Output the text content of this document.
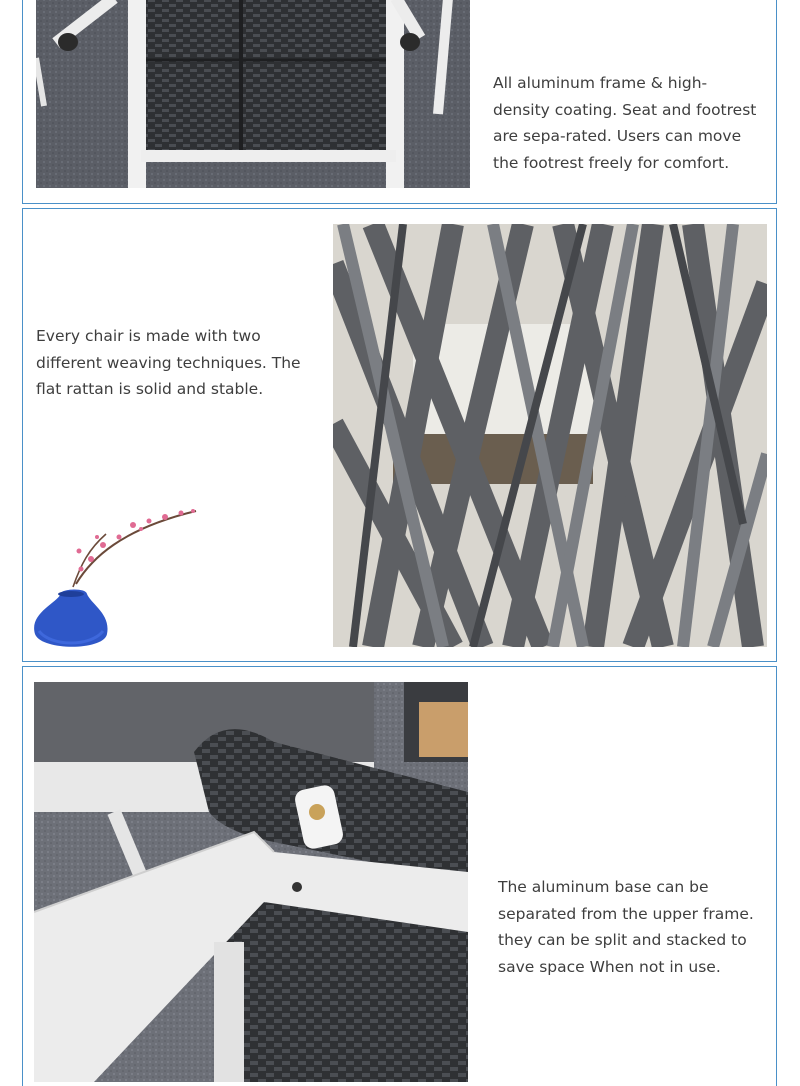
All aluminum frame & high-density coating. Seat and footrest are sepa-rated. Users can move the footrest freely for comfort.
Every chair is made with two different weaving techniques. The flat rattan is solid and stable.
The aluminum base can be separated from the upper frame. they can be split and stacked to save space When not in use.
